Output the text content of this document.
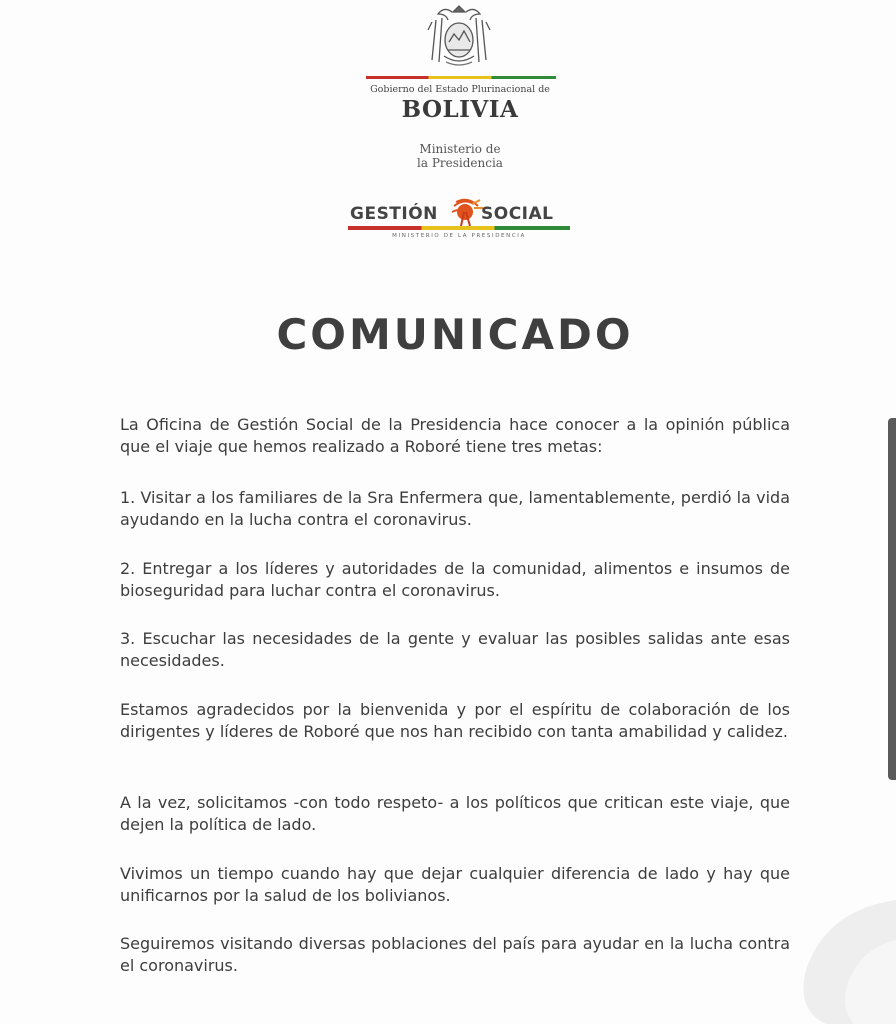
Gobierno del Estado Plurinacional de
BOLIVIA
Ministerio de
la Presidencia
GESTIÓN	SOCIAL
MINISTERIO DE LA PRESIDENCIA
COMUNICADO

La Oficina de Gestión Social de la Presidencia hace conocer a la opinión pública que el viaje que hemos realizado a Roboré tiene tres metas:

1. Visitar a los familiares de la Sra Enfermera que, lamentablemente, perdió la vida ayudando en la lucha contra el coronavirus.

2. Entregar a los líderes y autoridades de la comunidad, alimentos e insumos de bioseguridad para luchar contra el coronavirus.

3. Escuchar las necesidades de la gente y evaluar las posibles salidas ante esas necesidades.

Estamos agradecidos por la bienvenida y por el espíritu de colaboración de los dirigentes y líderes de Roboré que nos han recibido con tanta amabilidad y calidez.

A la vez, solicitamos -con todo respeto- a los políticos que critican este viaje, que dejen la política de lado.

Vivimos un tiempo cuando hay que dejar cualquier diferencia de lado y hay que unificarnos por la salud de los bolivianos.

Seguiremos visitando diversas poblaciones del país para ayudar en la lucha contra el coronavirus.
